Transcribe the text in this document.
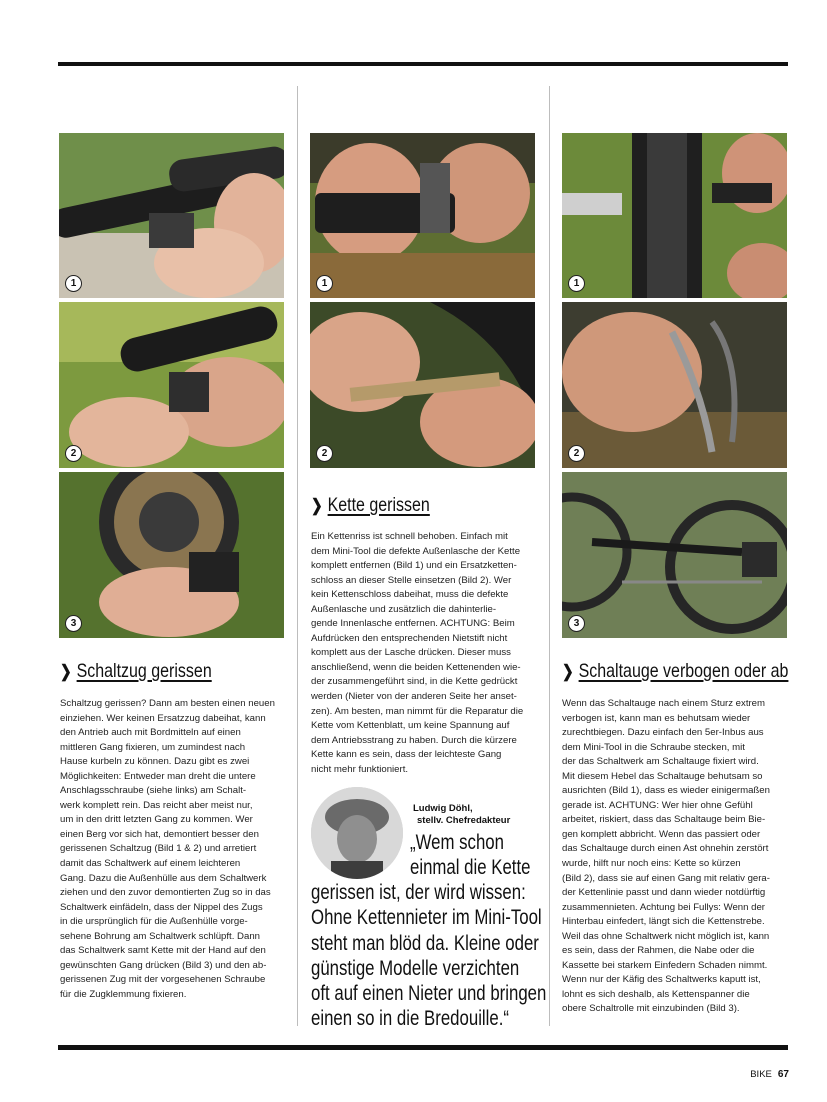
1
2
3
1
2
1
2
3
❯ Schaltzug gerissen
❯ Kette gerissen
❯ Schaltauge verbogen oder ab
Schaltzug gerissen? Dann am besten einen neuen
einziehen. Wer keinen Ersatzzug dabeihat, kann
den Antrieb auch mit Bordmitteln auf einen
mittleren Gang fixieren, um zumindest nach
Hause kurbeln zu können. Dazu gibt es zwei
Möglichkeiten: Entweder man dreht die untere
Anschlagsschraube (siehe links) am Schalt-
werk komplett rein. Das reicht aber meist nur,
um in den dritt letzten Gang zu kommen. Wer
einen Berg vor sich hat, demontiert besser den
gerissenen Schaltzug (Bild 1 & 2) und arretiert
damit das Schaltwerk auf einem leichteren
Gang. Dazu die Außenhülle aus dem Schaltwerk
ziehen und den zuvor demontierten Zug so in das
Schaltwerk einfädeln, dass der Nippel des Zugs
in die ursprünglich für die Außenhülle vorge-
sehene Bohrung am Schaltwerk schlüpft. Dann
das Schaltwerk samt Kette mit der Hand auf den
gewünschten Gang drücken (Bild 3) und den ab-
gerissenen Zug mit der vorgesehenen Schraube
für die Zugklemmung fixieren.
Ein Kettenriss ist schnell behoben. Einfach mit
dem Mini-Tool die defekte Außenlasche der Kette
komplett entfernen (Bild 1) und ein Ersatzketten-
schloss an dieser Stelle einsetzen (Bild 2). Wer
kein Kettenschloss dabeihat, muss die defekte
Außenlasche und zusätzlich die dahinterlie-
gende Innenlasche entfernen. ACHTUNG: Beim
Aufdrücken den entsprechenden Nietstift nicht
komplett aus der Lasche drücken. Dieser muss
anschließend, wenn die beiden Kettenenden wie-
der zusammengeführt sind, in die Kette gedrückt
werden (Nieter von der anderen Seite her anset-
zen). Am besten, man nimmt für die Reparatur die
Kette vom Kettenblatt, um keine Spannung auf
dem Antriebsstrang zu haben. Durch die kürzere
Kette kann es sein, dass der leichteste Gang
nicht mehr funktioniert.
Wenn das Schaltauge nach einem Sturz extrem
verbogen ist, kann man es behutsam wieder
zurechtbiegen. Dazu einfach den 5er-Inbus aus
dem Mini-Tool in die Schraube stecken, mit
der das Schaltwerk am Schaltauge fixiert wird.
Mit diesem Hebel das Schaltauge behutsam so
ausrichten (Bild 1), dass es wieder einigermaßen
gerade ist. ACHTUNG: Wer hier ohne Gefühl
arbeitet, riskiert, dass das Schaltauge beim Bie-
gen komplett abbricht. Wenn das passiert oder
das Schaltauge durch einen Ast ohnehin zerstört
wurde, hilft nur noch eins: Kette so kürzen
(Bild 2), dass sie auf einen Gang mit relativ gera-
der Kettenlinie passt und dann wieder notdürftig
zusammennieten. Achtung bei Fullys: Wenn der
Hinterbau einfedert, längt sich die Kettenstrebe.
Weil das ohne Schaltwerk nicht möglich ist, kann
es sein, dass der Rahmen, die Nabe oder die
Kassette bei starkem Einfedern Schaden nimmt.
Wenn nur der Käfig des Schaltwerks kaputt ist,
lohnt es sich deshalb, als Kettenspanner die
obere Schaltrolle mit einzubinden (Bild 3).
Ludwig Döhl,
stellv. Chefredakteur
„Wem schon
einmal die Kette
gerissen ist, der wird wissen:
Ohne Kettennieter im Mini-Tool
steht man blöd da. Kleine oder
günstige Modelle verzichten
oft auf einen Nieter und bringen
einen so in die Bredouille.“
BIKE 67
